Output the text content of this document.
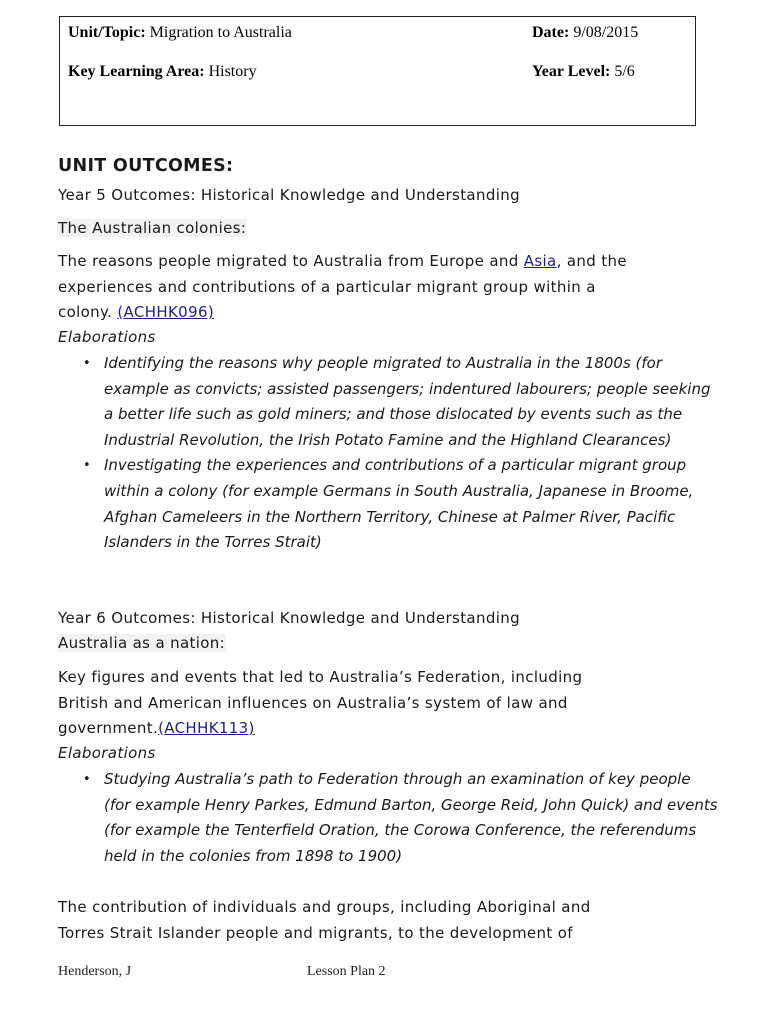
Unit/Topic: Migration to Australia	Date: 9/08/2015
Key Learning Area: History	Year Level: 5/6
UNIT OUTCOMES:
Year 5 Outcomes: Historical Knowledge and Understanding
The Australian colonies:
The reasons people migrated to Australia from Europe and Asia, and the
experiences and contributions of a particular migrant group within a
colony. (ACHHK096)
Elaborations
• Identifying the reasons why people migrated to Australia in the 1800s (for example as convicts; assisted passengers; indentured labourers; people seeking a better life such as gold miners; and those dislocated by events such as the Industrial Revolution, the Irish Potato Famine and the Highland Clearances)
• Investigating the experiences and contributions of a particular migrant group within a colony (for example Germans in South Australia, Japanese in Broome, Afghan Cameleers in the Northern Territory, Chinese at Palmer River, Pacific Islanders in the Torres Strait)
Year 6 Outcomes: Historical Knowledge and Understanding
Australia as a nation:
Key figures and events that led to Australia’s Federation, including
British and American influences on Australia’s system of law and
government.(ACHHK113)
Elaborations
• Studying Australia’s path to Federation through an examination of key people (for example Henry Parkes, Edmund Barton, George Reid, John Quick) and events (for example the Tenterfield Oration, the Corowa Conference, the referendums held in the colonies from 1898 to 1900)
The contribution of individuals and groups, including Aboriginal and
Torres Strait Islander people and migrants, to the development of
Henderson, J	Lesson Plan 2
